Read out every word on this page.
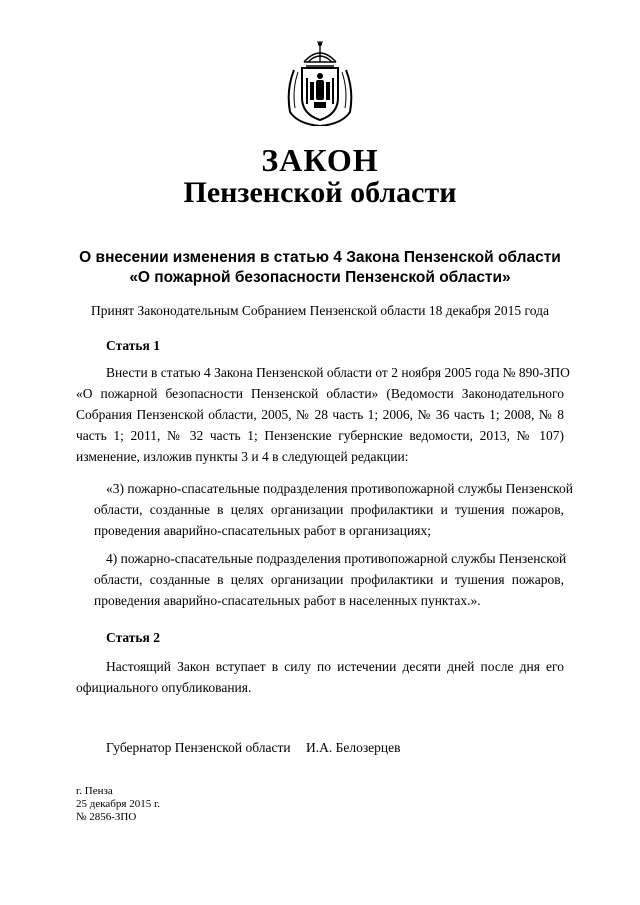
ЗАКОН
Пензенской области
О внесении изменения в статью 4 Закона Пензенской области
«О пожарной безопасности Пензенской области»
Принят Законодательным Собранием Пензенской области 18 декабря 2015 года
Статья 1
Внести в статью 4 Закона Пензенской области от 2 ноября 2005 года № 890-ЗПО
«О пожарной безопасности Пензенской области» (Ведомости Законодательного
Собрания Пензенской области, 2005, № 28 часть 1; 2006, № 36 часть 1; 2008, № 8
часть 1; 2011, № 32 часть 1; Пензенские губернские ведомости, 2013, № 107)
изменение, изложив пункты 3 и 4 в следующей редакции:
«3) пожарно-спасательные подразделения противопожарной службы Пензенской
области, созданные в целях организации профилактики и тушения пожаров,
проведения аварийно-спасательных работ в организациях;
4) пожарно-спасательные подразделения противопожарной службы Пензенской
области, созданные в целях организации профилактики и тушения пожаров,
проведения аварийно-спасательных работ в населенных пунктах.».
Статья 2
Настоящий Закон вступает в силу по истечении десяти дней после дня его
официального опубликования.
Губернатор Пензенской области И.А. Белозерцев
г. Пенза
25 декабря 2015 г.
№ 2856-ЗПО
